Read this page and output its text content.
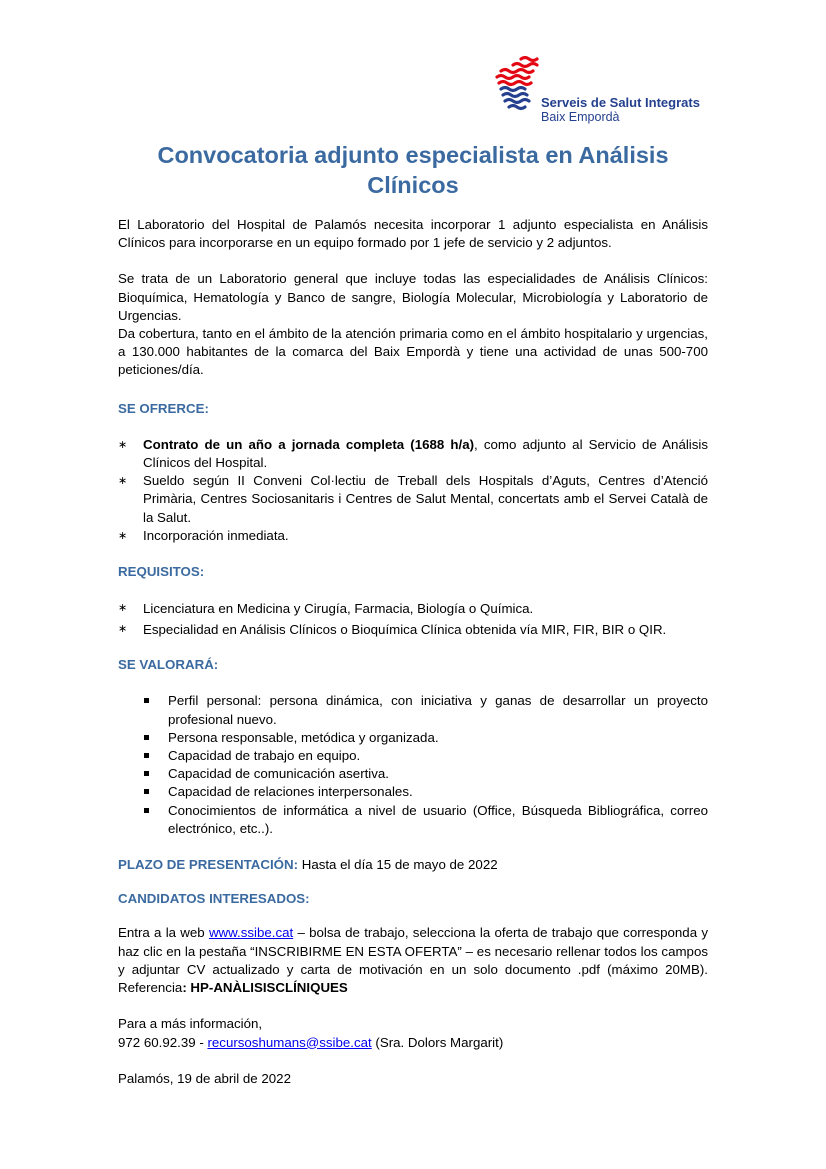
Serveis de Salut Integrats
Baix Empordà
Convocatoria adjunto especialista en Análisis Clínicos

El Laboratorio del Hospital de Palamós necesita incorporar 1 adjunto especialista en Análisis Clínicos para incorporarse en un equipo formado por 1 jefe de servicio y 2 adjuntos.

Se trata de un Laboratorio general que incluye todas las especialidades de Análisis Clínicos: Bioquímica, Hematología y Banco de sangre, Biología Molecular, Microbiología y Laboratorio de Urgencias.

Da cobertura, tanto en el ámbito de la atención primaria como en el ámbito hospitalario y urgencias, a 130.000 habitantes de la comarca del Baix Empordà y tiene una actividad de unas 500-700 peticiones/día.

SE OFRERCE:

∗ Contrato de un año a jornada completa (1688 h/a), como adjunto al Servicio de Análisis Clínicos del Hospital.
∗ Sueldo según II Conveni Col·lectiu de Treball dels Hospitals d’Aguts, Centres d’Atenció Primària, Centres Sociosanitaris i Centres de Salut Mental, concertats amb el Servei Català de la Salut.
∗ Incorporación inmediata.

REQUISITOS:

∗ Licenciatura en Medicina y Cirugía, Farmacia, Biología o Química.
∗ Especialidad en Análisis Clínicos o Bioquímica Clínica obtenida vía MIR, FIR, BIR o QIR.

SE VALORARÁ:

Perfil personal: persona dinámica, con iniciativa y ganas de desarrollar un proyecto profesional nuevo.
Persona responsable, metódica y organizada.
Capacidad de trabajo en equipo.
Capacidad de comunicación asertiva.
Capacidad de relaciones interpersonales.
Conocimientos de informática a nivel de usuario (Office, Búsqueda Bibliográfica, correo electrónico, etc..).

PLAZO DE PRESENTACIÓN: Hasta el día 15 de mayo de 2022

CANDIDATOS INTERESADOS:

Entra a la web www.ssibe.cat – bolsa de trabajo, selecciona la oferta de trabajo que corresponda y haz clic en la pestaña “INSCRIBIRME EN ESTA OFERTA” – es necesario rellenar todos los campos y adjuntar CV actualizado y carta de motivación en un solo documento .pdf (máximo 20MB). Referencia: HP-ANÀLISISCLÍNIQUES

Para a más información,

972 60.92.39 - recursoshumans@ssibe.cat (Sra. Dolors Margarit)

Palamós, 19 de abril de 2022
